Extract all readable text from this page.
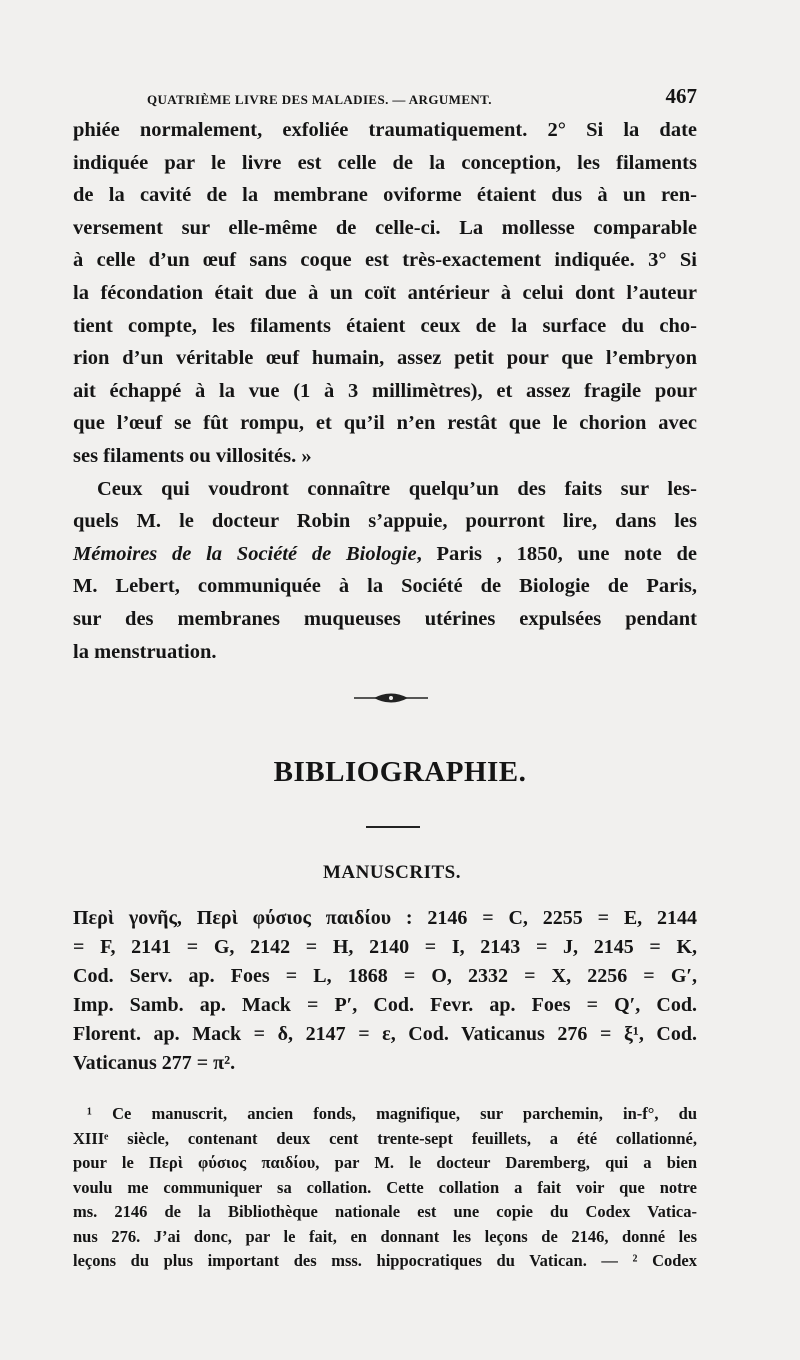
QUATRIÈME LIVRE DES MALADIES. — ARGUMENT.	467

phiée normalement, exfoliée traumatiquement. 2° Si la date
indiquée par le livre est celle de la conception, les filaments
de la cavité de la membrane oviforme étaient dus à un ren-
versement sur elle-même de celle-ci. La mollesse comparable
à celle d’un œuf sans coque est très-exactement indiquée. 3° Si
la fécondation était due à un coït antérieur à celui dont l’auteur
tient compte, les filaments étaient ceux de la surface du cho-
rion d’un véritable œuf humain, assez petit pour que l’embryon
ait échappé à la vue (1 à 3 millimètres), et assez fragile pour
que l’œuf se fût rompu, et qu’il n’en restât que le chorion avec
ses filaments ou villosités. »

Ceux qui voudront connaître quelqu’un des faits sur les-
quels M. le docteur Robin s’appuie, pourront lire, dans les
Mémoires de la Société de Biologie, Paris , 1850, une note de
M. Lebert, communiquée à la Société de Biologie de Paris,
sur des membranes muqueuses utérines expulsées pendant
la menstruation.

BIBLIOGRAPHIE.
MANUSCRITS.
Περὶ γονῆς, Περὶ φύσιος παιδίου : 2146 = C, 2255 = E, 2144
= F, 2141 = G, 2142 = H, 2140 = I, 2143 = J, 2145 = K,
Cod. Serv. ap. Foes = L, 1868 = O, 2332 = X, 2256 = G′,
Imp. Samb. ap. Mack = P′, Cod. Fevr. ap. Foes = Q′, Cod.
Florent. ap. Mack = δ, 2147 = ε, Cod. Vaticanus 276 = ξ¹, Cod.
Vaticanus 277 = π².
¹ Ce manuscrit, ancien fonds, magnifique, sur parchemin, in-f°, du
XIIIᵉ siècle, contenant deux cent trente-sept feuillets, a été collationné,
pour le Περὶ φύσιος παιδίου, par M. le docteur Daremberg, qui a bien
voulu me communiquer sa collation. Cette collation a fait voir que notre
ms. 2146 de la Bibliothèque nationale est une copie du Codex Vatica-
nus 276. J’ai donc, par le fait, en donnant les leçons de 2146, donné les
leçons du plus important des mss. hippocratiques du Vatican. — ² Codex
